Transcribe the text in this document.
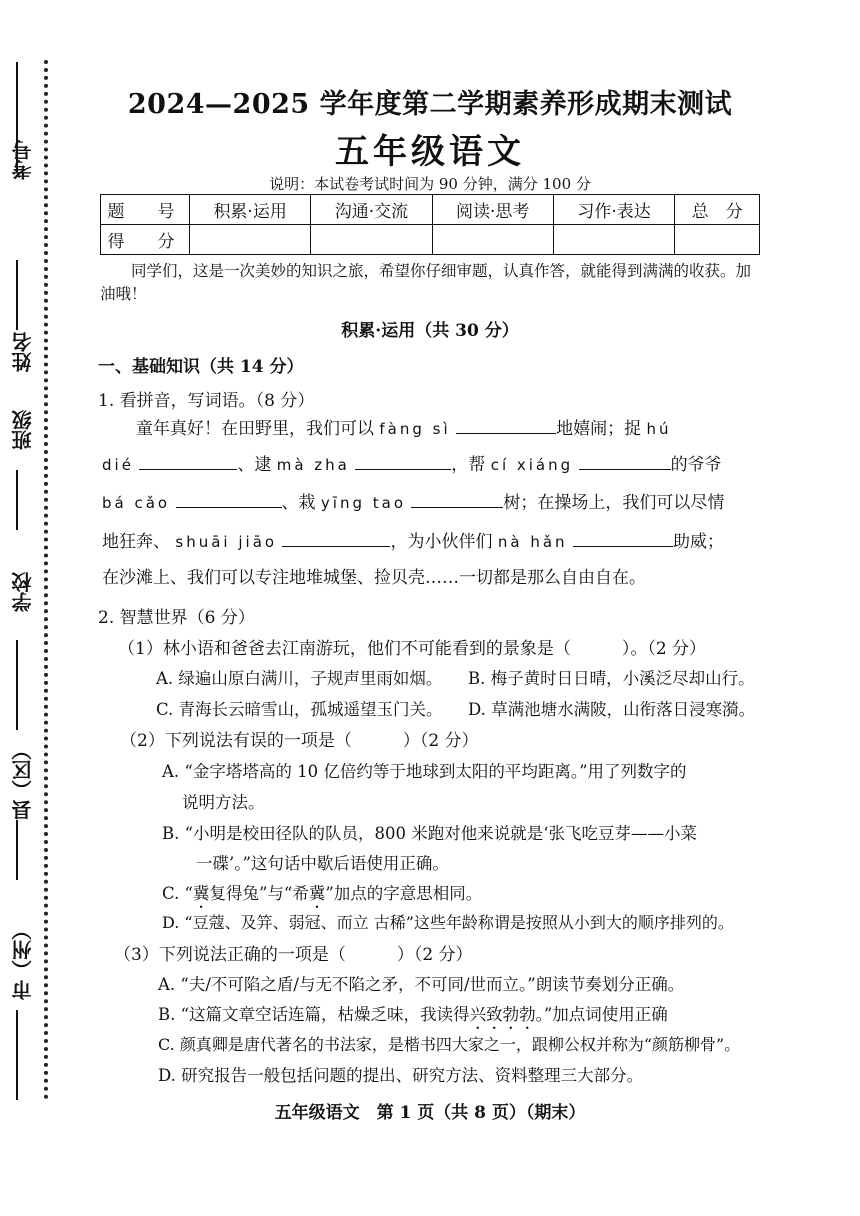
考号
姓名
班级
学校
县（区）
市（州）
2024—2025 学年度第二学期素养形成期末测试
五年级语文
说明：本试卷考试时间为 90 分钟，满分 100 分
题　号	积累·运用	沟通·交流	阅读·思考	习作·表达	总　分
得　分					
同学们，这是一次美妙的知识之旅，希望你仔细审题，认真作答，就能得到满满的收获。加油哦！
积累·运用（共 30 分）
一、基础知识（共 14 分）
1. 看拼音，写词语。（8 分）
童年真好！在田野里，我们可以 fàng sì	地嬉闹；捉 hú
dié	、逮 mà zha	，帮 cí xiáng	的爷爷
bá cǎo	、栽 yīng tao	树；在操场上，我们可以尽情
地狂奔、 shuāi jiāo	，为小伙伴们 nà hǎn	助威；
在沙滩上、我们可以专注地堆城堡、捡贝壳……一切都是那么自由自在。
2. 智慧世界（6 分）
（1）林小语和爸爸去江南游玩，他们不可能看到的景象是（　　　）。（2 分）
A. 绿遍山原白满川，子规声里雨如烟。 B. 梅子黄时日日晴，小溪泛尽却山行。
C. 青海长云暗雪山，孤城遥望玉门关。 D. 草满池塘水满陂，山衔落日浸寒漪。
（2）下列说法有误的一项是（　　　）（2 分）
A. “金字塔塔高的 10 亿倍约等于地球到太阳的平均距离。”用了列数字的
说明方法。
B. “小明是校田径队的队员，800 米跑对他来说就是‘张飞吃豆芽——小菜
一碟’。”这句话中歇后语使用正确。
C. “冀复得兔”与“希冀”加点的字意思相同。
D. “豆蔻、及笄、弱冠、而立 古稀”这些年龄称谓是按照从小到大的顺序排列的。
（3）下列说法正确的一项是（　　　）（2 分）
A. “夫/不可陷之盾/与无不陷之矛，不可同/世而立。”朗读节奏划分正确。
B. “这篇文章空话连篇，枯燥乏味，我读得兴致勃勃。”加点词使用正确
C. 颜真卿是唐代著名的书法家，是楷书四大家之一，跟柳公权并称为“颜筋柳骨”。
D. 研究报告一般包括问题的提出、研究方法、资料整理三大部分。
五年级语文　第 1 页（共 8 页）（期末）
